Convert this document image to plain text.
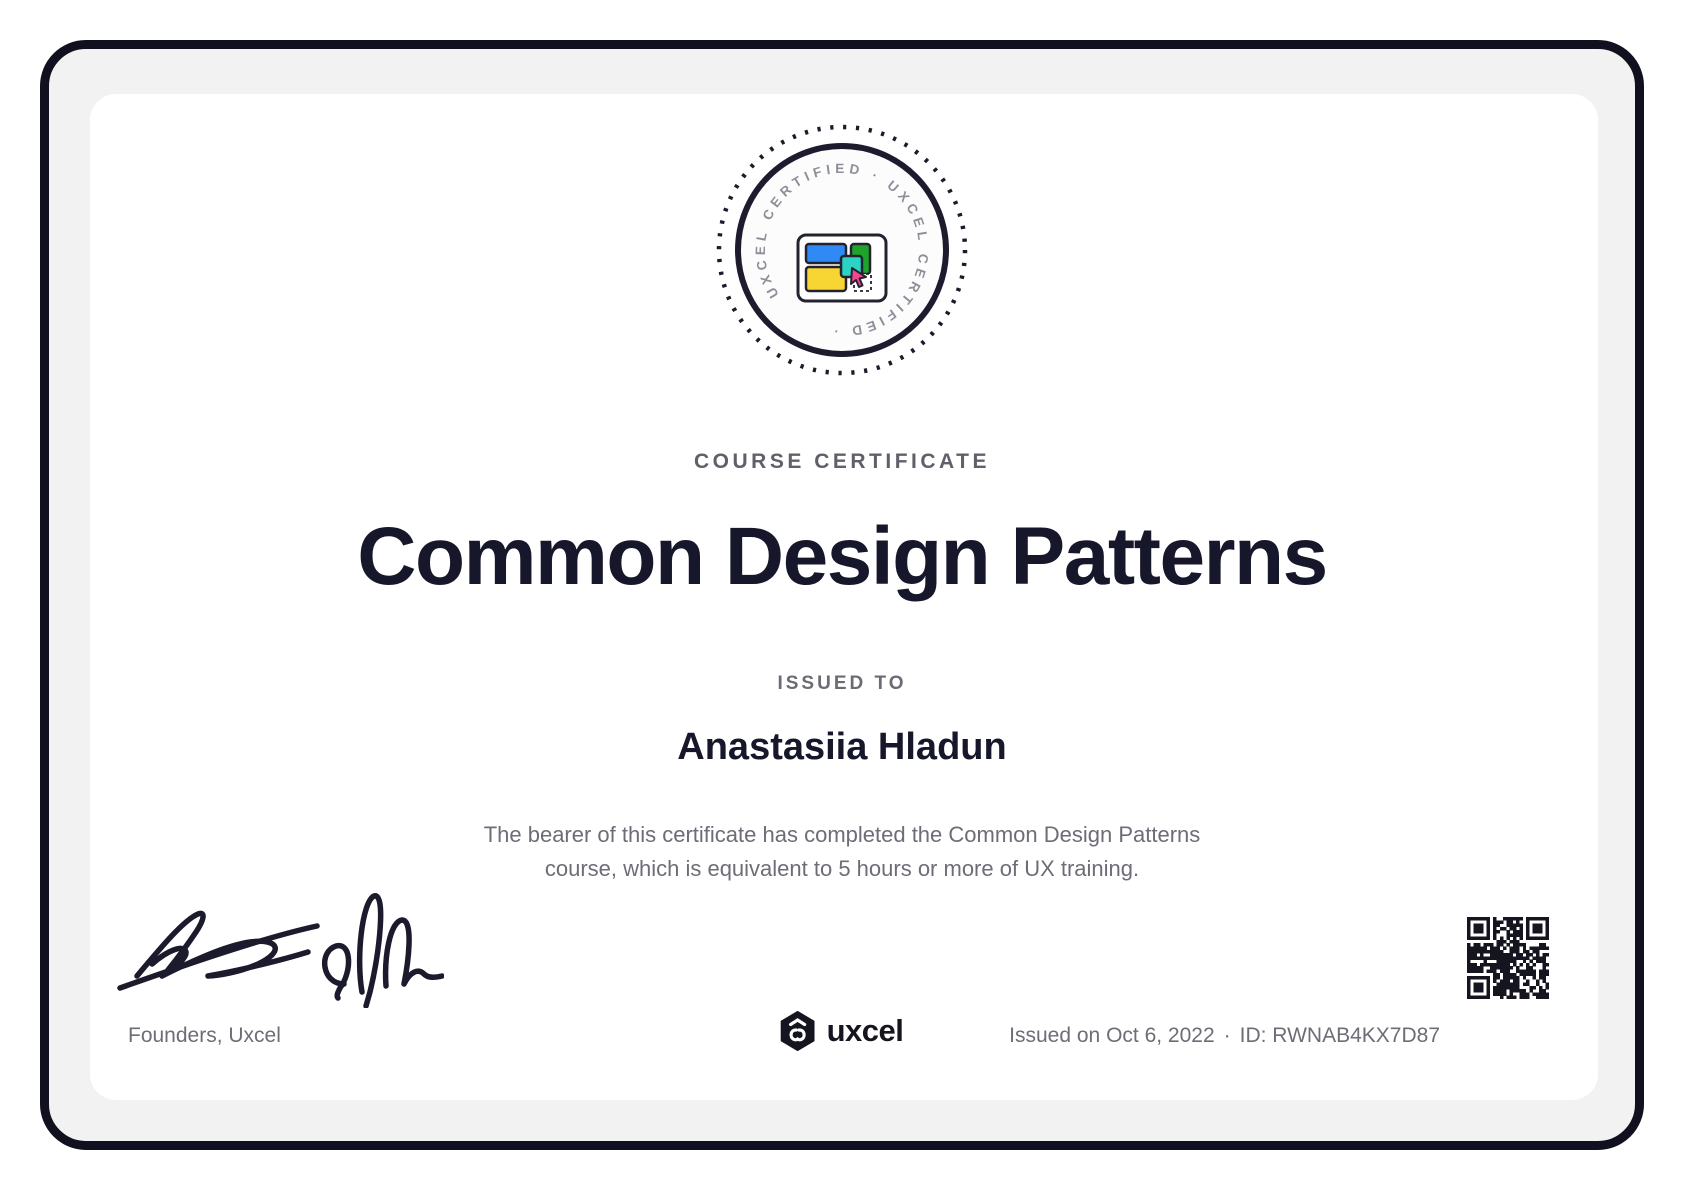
UXCEL CERTIFIED · UXCEL CERTIFIED ·
COURSE CERTIFICATE
Common Design Patterns
ISSUED TO
Anastasiia Hladun
The bearer of this certificate has completed the Common Design Patterns
course, which is equivalent to 5 hours or more of UX training.
Founders, Uxcel	uxcel	Issued on Oct 6, 2022 · ID: RWNAB4KX7D87
